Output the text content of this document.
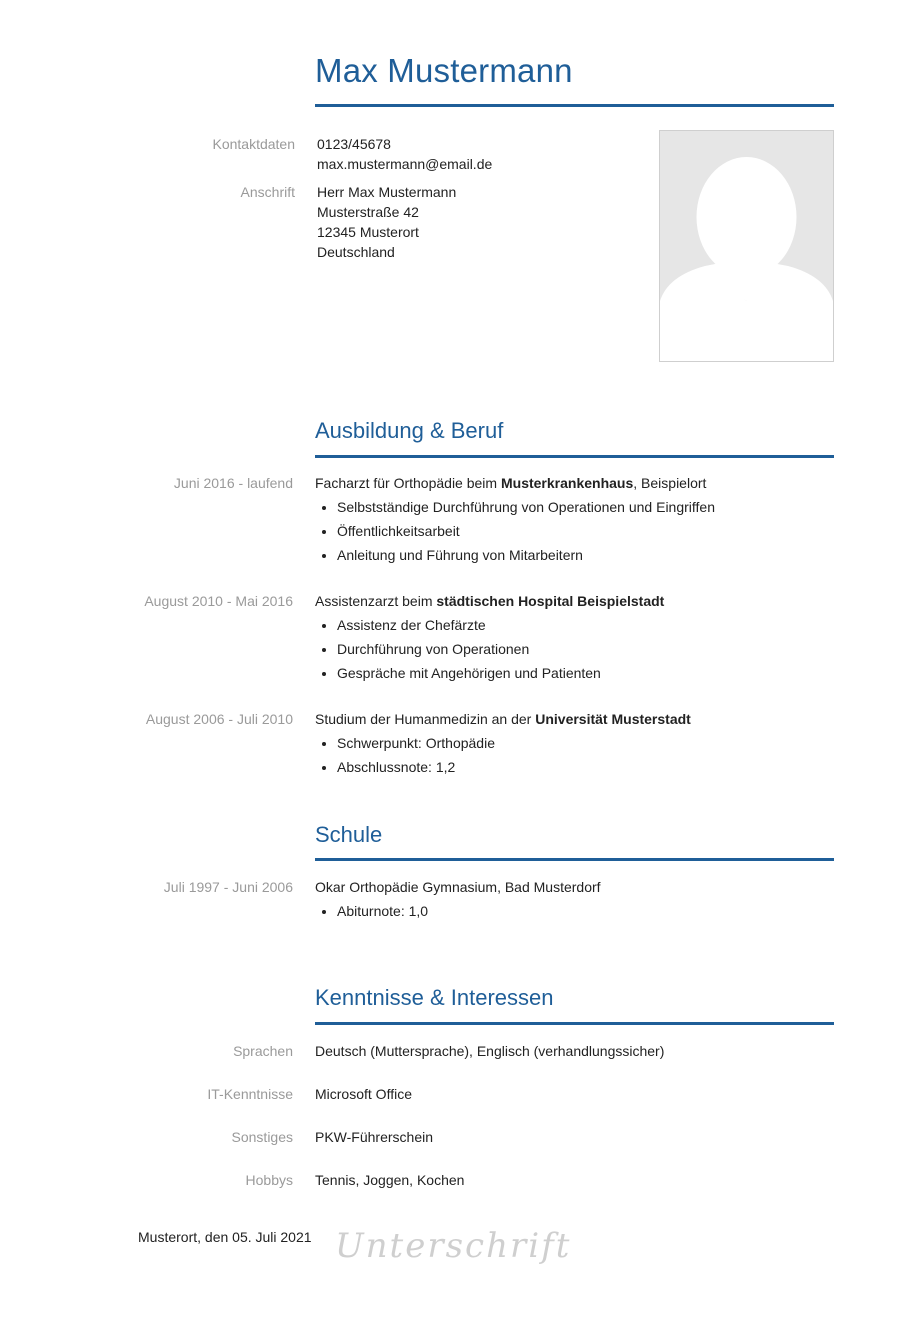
Max Mustermann
Kontaktdaten 0123/45678
max.mustermann@email.de
Anschrift Herr Max Mustermann
Musterstraße 42
12345 Musterort
Deutschland
Ausbildung & Beruf
Juni 2016 - laufend Facharzt für Orthopädie beim Musterkrankenhaus, Beispielort
• Selbstständige Durchführung von Operationen und Eingriffen
• Öffentlichkeitsarbeit
• Anleitung und Führung von Mitarbeitern
August 2010 - Mai 2016 Assistenzarzt beim städtischen Hospital Beispielstadt
• Assistenz der Chefärzte
• Durchführung von Operationen
• Gespräche mit Angehörigen und Patienten
August 2006 - Juli 2010 Studium der Humanmedizin an der Universität Musterstadt
• Schwerpunkt: Orthopädie
• Abschlussnote: 1,2
Schule
Juli 1997 - Juni 2006 Okar Orthopädie Gymnasium, Bad Musterdorf
• Abiturnote: 1,0
Kenntnisse & Interessen
Sprachen Deutsch (Muttersprache), Englisch (verhandlungssicher)
IT-Kenntnisse Microsoft Office
Sonstiges PKW-Führerschein
Hobbys Tennis, Joggen, Kochen
Musterort, den 05. Juli 2021 Unterschrift
